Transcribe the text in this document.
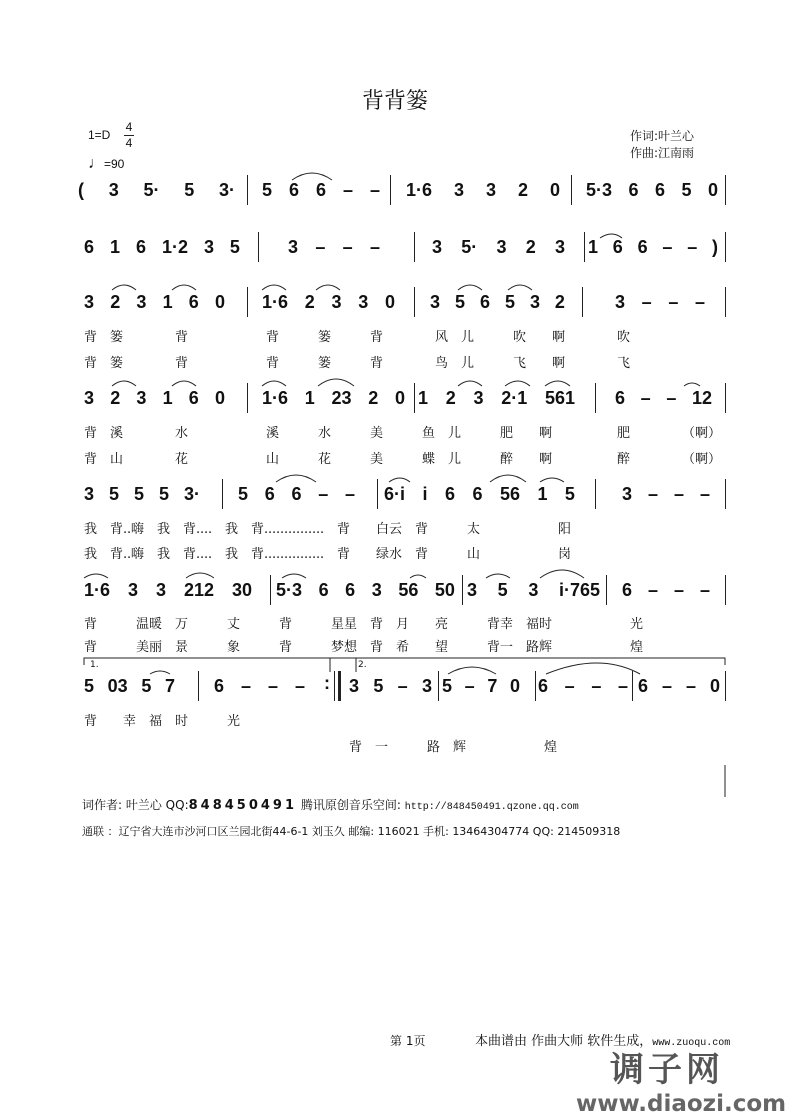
背背篓
1=D
4
4
♩=90
作词:叶兰心
作曲:江南雨
( 3 5· 5 3· 5 6 6 – – 1·6 3 3 2 0 5·3 6 6 5 0
6 1 6 1·2 3 5	3 – – –	3 5· 3 2 3 1 6 6 – – )
3 2 3 1 6 0 1·6 2 3 3 0 3 5 6 5 3 2	3 – – –
3 2 3 1 6 0 1·6 1 23 2 0 1 2 3 2·1 561 6 – – 12
3 5 5 5 3· 5 6 6 – – 6·i i 6 6 56 1 5	3 – – –
1·6 3 3 212 30 5·3 6 6 3 56 50 3 5 3 i·765 6 – – –
5 03 5 7 6 – – – 3 5 – 3 5 – 7 0 6 – – – 6 – – 0
:
1.	2.
背 篓	背	背	篓	背	风 儿	吹 啊	吹
背 篓	背	背	篓	背	鸟 儿	飞 啊	飞
背 溪	水	溪	水	美	鱼 儿	肥 啊	肥	（啊）
背 山	花	山	花	美	蝶 儿	醉 啊	醉	（啊）
我 背..嗨 我 背.... 我 背............... 背 白云 背	太	阳
我 背..嗨 我 背.... 我 背............... 背 绿水 背	山	岗
背	温暖 万	丈	背	星星 背 月 亮	背幸 福时	光
背	美丽 景	象	背	梦想 背 希 望	背一 路辉	煌
背 幸 福 时	光
背 一	路 辉	煌
词作者: 叶兰心 QQ:848450491 腾讯原创音乐空间: http://848450491.qzone.qq.com
通联 ：辽宁省大连市沙河口区兰园北街44-6-1 刘玉久 邮编: 116021 手机: 13464304774 QQ: 214509318
第 1页	本曲谱由 作曲大师 软件生成，www.zuoqu.com
调子网
www.diaozi.com
